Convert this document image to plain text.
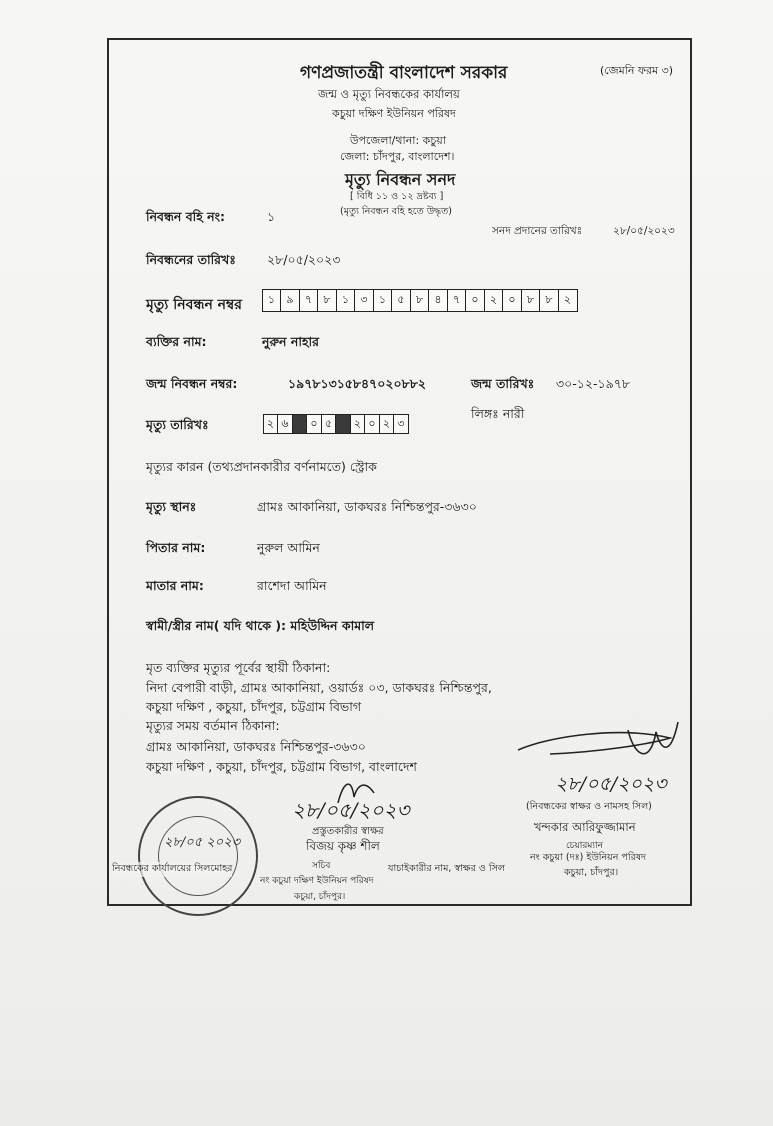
গণপ্রজাতন্ত্রী বাংলাদেশ সরকার	(জেমনি ফরম ৩)
জন্ম ও মৃত্যু নিবন্ধকের কার্যালয়
কচুয়া দক্ষিণ ইউনিয়ন পরিষদ
উপজেলা/থানা: কচুয়া
জেলা: চাঁদপুর, বাংলাদেশ।
মৃত্যু নিবন্ধন সনদ
[ বিধি ১১ ও ১২ দ্রষ্টব্য ]
(মৃত্যু নিবন্ধন বহি হতে উদ্ধৃত)
নিবন্ধন বহি নং:	১
সনদ প্রদানের তারিখঃ	২৮/০৫/২০২৩
নিবন্ধনের তারিখঃ ২৮/০৫/২০২৩
মৃত্যু নিবন্ধন নম্বর	১	৯	৭	৮	১	৩	১	৫	৮	৪	৭	০	২	০	৮	৮	২
ব্যক্তির নাম:	নুরুন নাহার
জন্ম নিবন্ধন নম্বর:	১৯৭৮১৩১৫৮৪৭০২০৮৮২	জন্ম তারিখঃ ৩০-১২-১৯৭৮
লিঙ্গঃ নারী
মৃত্যু তারিখঃ	২ ৬	০ ৫	২ ০ ২ ৩
মৃত্যুর কারন (তথ্যপ্রদানকারীর বর্ণনামতে) স্ট্রোক
মৃত্যু স্থানঃ	গ্রামঃ আকানিয়া, ডাকঘরঃ নিশ্চিন্তপুর-৩৬৩০
পিতার নাম:	নুরুল আমিন
মাতার নাম:	রাশেদা আমিন
স্বামী/স্ত্রীর নাম( যদি থাকে ): মহিউদ্দিন কামাল
মৃত ব্যক্তির মৃত্যুর পূর্বের স্থায়ী ঠিকানা:
নিদা বেপারী বাড়ী, গ্রামঃ আকানিয়া, ওয়ার্ডঃ ০৩, ডাকঘরঃ নিশ্চিন্তপুর,
কচুয়া দক্ষিণ , কচুয়া, চাঁদপুর, চট্টগ্রাম বিভাগ
মৃত্যুর সময় বর্তমান ঠিকানা:
গ্রামঃ আকানিয়া, ডাকঘরঃ নিশ্চিন্তপুর-৩৬৩০
কচুয়া দক্ষিণ , কচুয়া, চাঁদপুর, চট্টগ্রাম বিভাগ, বাংলাদেশ
২৮/০৫/২০২৩
(নিবন্ধকের স্বাক্ষর ও নামসহ সিল)
খন্দকার আরিফুজ্জামান
চেয়ারম্যান
নং কচুয়া (দঃ) ইউনিয়ন পরিষদ
কচুয়া, চাঁদপুর।
২৮/০৫/২০২৩
প্রস্তুতকারীর স্বাক্ষর
বিজয় কৃষ্ণ শীল
সচিব
নং কচুয়া দক্ষিণ ইউনিয়ন পরিষদ
কচুয়া, চাঁদপুর।
যাচাইকারীর নাম, স্বাক্ষর ও সিল
২৮/০৫ ২০২৩
নিবন্ধকের কার্যালয়ের সিলমোহর
